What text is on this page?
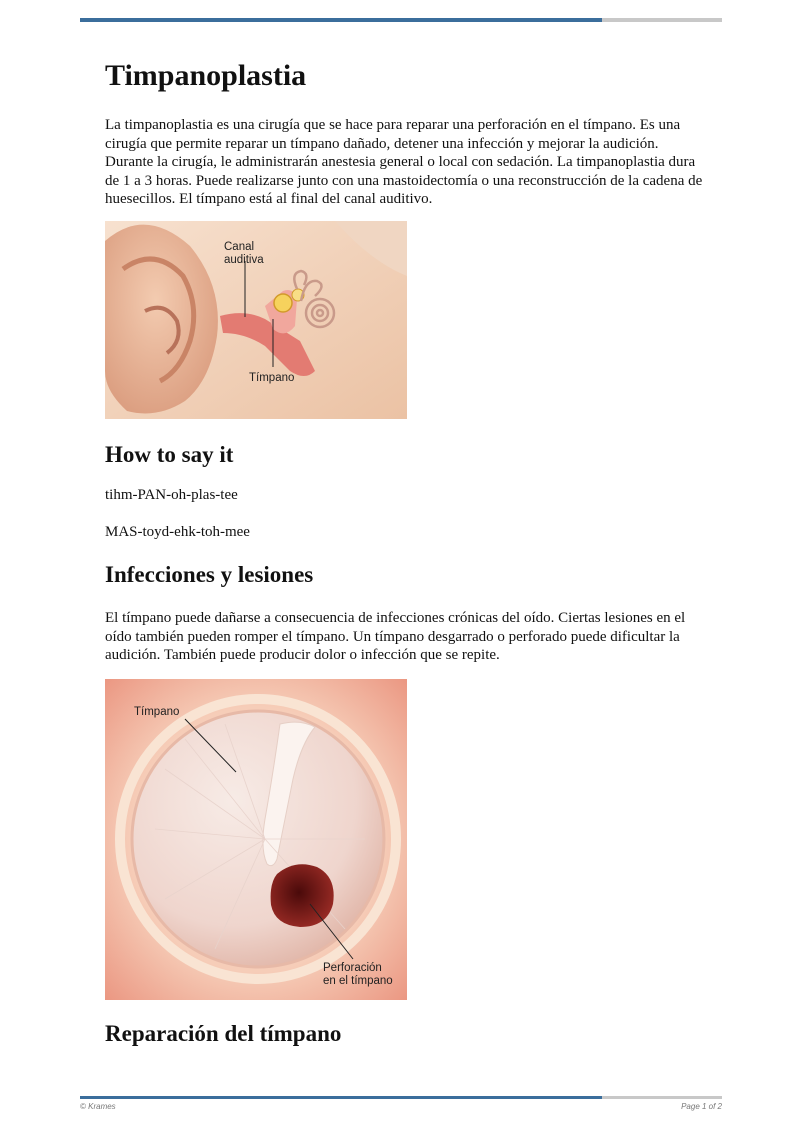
Timpanoplastia

La timpanoplastia es una cirugía que se hace para reparar una perforación en el tímpano. Es una cirugía que permite reparar un tímpano dañado, detener una infección y mejorar la audición. Durante la cirugía, le administrarán anestesia general o local con sedación. La timpanoplastia dura de 1 a 3 horas. Puede realizarse junto con una mastoidectomía o una reconstrucción de la cadena de huesecillos. El tímpano está al final del canal auditivo.

Canal
auditiva
Tímpano
How to say it

tihm-PAN-oh-plas-tee

MAS-toyd-ehk-toh-mee

Infecciones y lesiones

El tímpano puede dañarse a consecuencia de infecciones crónicas del oído. Ciertas lesiones en el oído también pueden romper el tímpano. Un tímpano desgarrado o perforado puede dificultar la audición. También puede producir dolor o infección que se repite.

Tímpano
Perforación
en el tímpano
Reparación del tímpano
© Krames	Page 1 of 2
